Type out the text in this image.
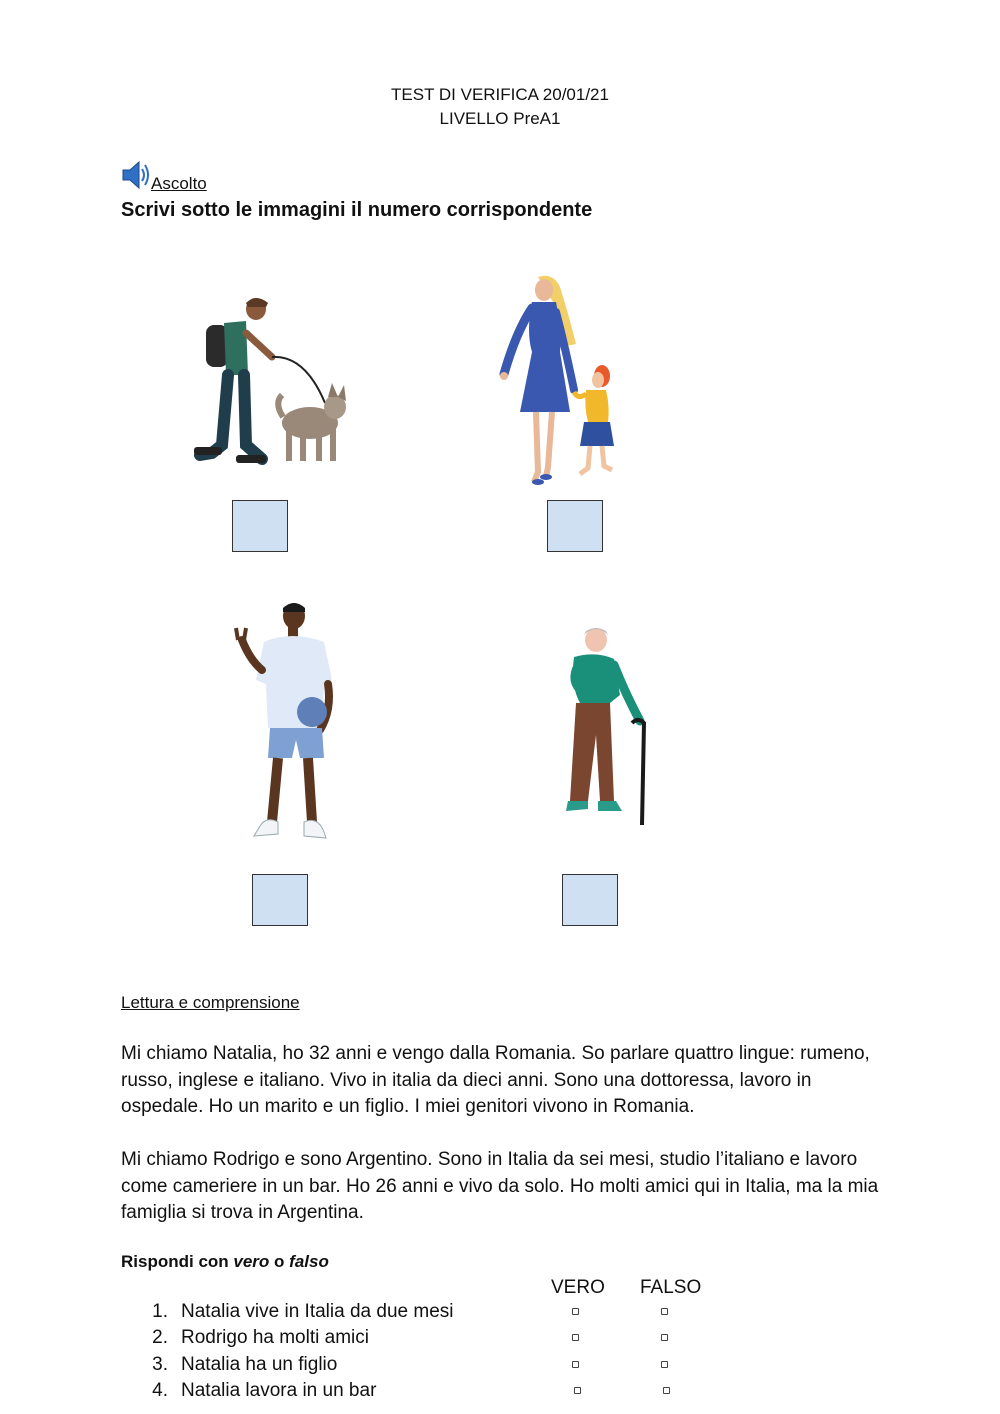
TEST DI VERIFICA 20/01/21
LIVELLO PreA1
Ascolto
Scrivi sotto le immagini il numero corrispondente
Lettura e comprensione
Mi chiamo Natalia, ho 32 anni e vengo dalla Romania. So parlare quattro lingue: rumeno, russo, inglese e italiano. Vivo in italia da dieci anni. Sono una dottoressa, lavoro in ospedale. Ho un marito e un figlio. I miei genitori vivono in Romania.
Mi chiamo Rodrigo e sono Argentino. Sono in Italia da sei mesi, studio l’italiano e lavoro come cameriere in un bar. Ho 26 anni e vivo da solo. Ho molti amici qui in Italia, ma la mia famiglia si trova in Argentina.
Rispondi con vero o falso
VERO FALSO
1. Natalia vive in Italia da due mesi
2. Rodrigo ha molti amici
3. Natalia ha un figlio
4. Natalia lavora in un bar
